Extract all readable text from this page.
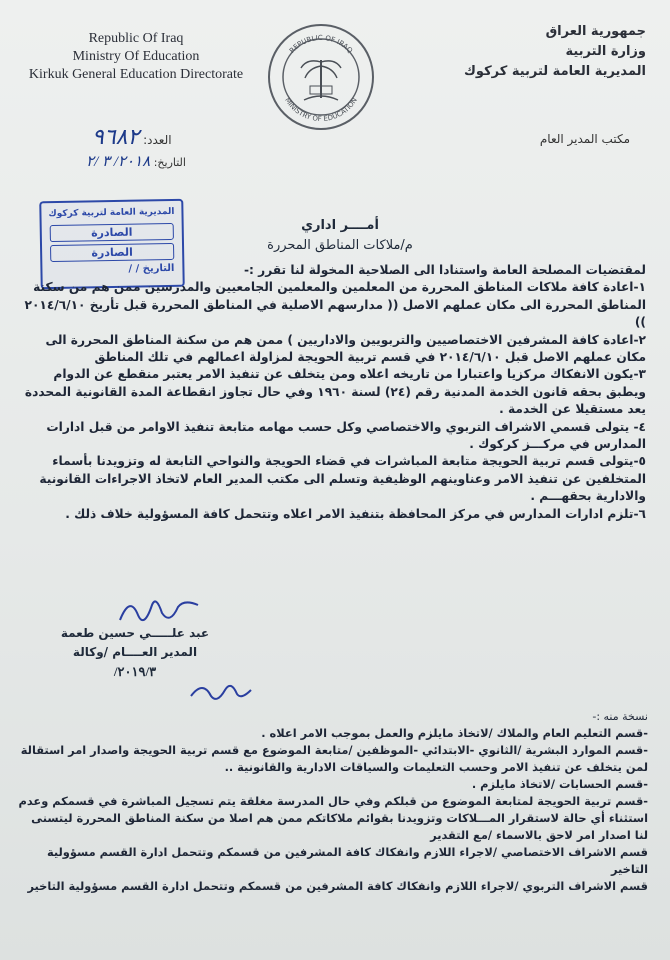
Republic Of Iraq
Ministry Of Education
Kirkuk General Education Directorate
REPUBLIC OF IRAQ
MINISTRY OF EDUCATION
جمهورية العراق
وزارة التربية
المديرية العامة لتربية كركوك
العدد: ٩٦٨٢
التاريخ: ٢٠١٨/ ٣ /٢
مكتب المدير العام
المديرية العامة لتربية كركوك
الصادرة
الصادرة
التاريخ / /
أمــــر اداري
م/ملاكات المناطق المحررة

لمقتضيات المصلحة العامة واستنادا الى الصلاحية المخولة لنا تقرر :-

١-اعادة كافة ملاكات المناطق المحررة من المعلمين والمعلمين الجامعيين والمدرسين ممن هم من سكنة المناطق المحررة الى مكان عملهم الاصل (( مدارسهم الاصلية في المناطق المحررة قبل تأريخ ٢٠١٤/٦/١٠ ))

٢-اعادة كافة المشرفين الاختصاصيين والتربويين والاداريين ) ممن هم من سكنة المناطق المحررة الى مكان عملهم الاصل قبل ٢٠١٤/٦/١٠ في قسم تربية الحويجة لمزاولة اعمالهم في تلك المناطق

٣-يكون الانفكاك مركزيا واعتبارا من تاريخه اعلاه ومن يتخلف عن تنفيذ الامر يعتبر منقطع عن الدوام ويطبق بحقه قانون الخدمة المدنية رقم (٢٤) لسنة ١٩٦٠ وفي حال تجاوز انقطاعة المدة القانونية المحددة يعد مستقيلا عن الخدمة .

٤- يتولى قسمي الاشراف التربوي والاختصاصي وكل حسب مهامه متابعة تنفيذ الاوامر من قبل ادارات المدارس في مركـــز كركوك .

٥-يتولى قسم تربية الحويجة متابعة المباشرات في قضاء الحويجة والنواحي التابعة له وتزويدنا بأسماء المتخلفين عن تنفيذ الامر وعناوينهم الوظيفية وتسلم الى مكتب المدير العام لاتخاذ الاجراءات القانونية والادارية بحقهـــم .

٦-تلزم ادارات المدارس في مركز المحافظة بتنفيذ الامر اعلاه وتتحمل كافة المسؤولية خلاف ذلك .

عبد علـــــي حسين طعمة
المدير العــــام /وكالة
٢٠١٩/٣/

نسخة منه :-

-قسم التعليم العام والملاك /لاتخاذ مايلزم والعمل بموجب الامر اعلاه .

-قسم الموارد البشرية /الثانوي -الابتدائي -الموظفين /متابعة الموضوع مع قسم تربية الحويجة واصدار امر استقالة لمن يتخلف عن تنفيذ الامر وحسب التعليمات والسياقات الادارية والقانونية ..

-قسم الحسابات /لاتخاذ مايلزم .

-قسم تربية الحويجة لمتابعة الموضوع من قبلكم وفي حال المدرسة مغلقة يتم تسجيل المباشرة في قسمكم وعدم استثناء أي حالة لاستقرار المـــلاكات وتزويدنا بقوائم ملاكاتكم ممن هم اصلا من سكنة المناطق المحررة ليتسنى لنا اصدار امر لاحق بالاسماء /مع التقدير

قسم الاشراف الاختصاصي /لاجراء اللازم وانفكاك كافة المشرفين من قسمكم وتتحمل ادارة القسم مسؤولية التاخير

قسم الاشراف التربوي /لاجراء اللازم وانفكاك كافة المشرفين من قسمكم وتتحمل ادارة القسم مسؤولية التاخير
